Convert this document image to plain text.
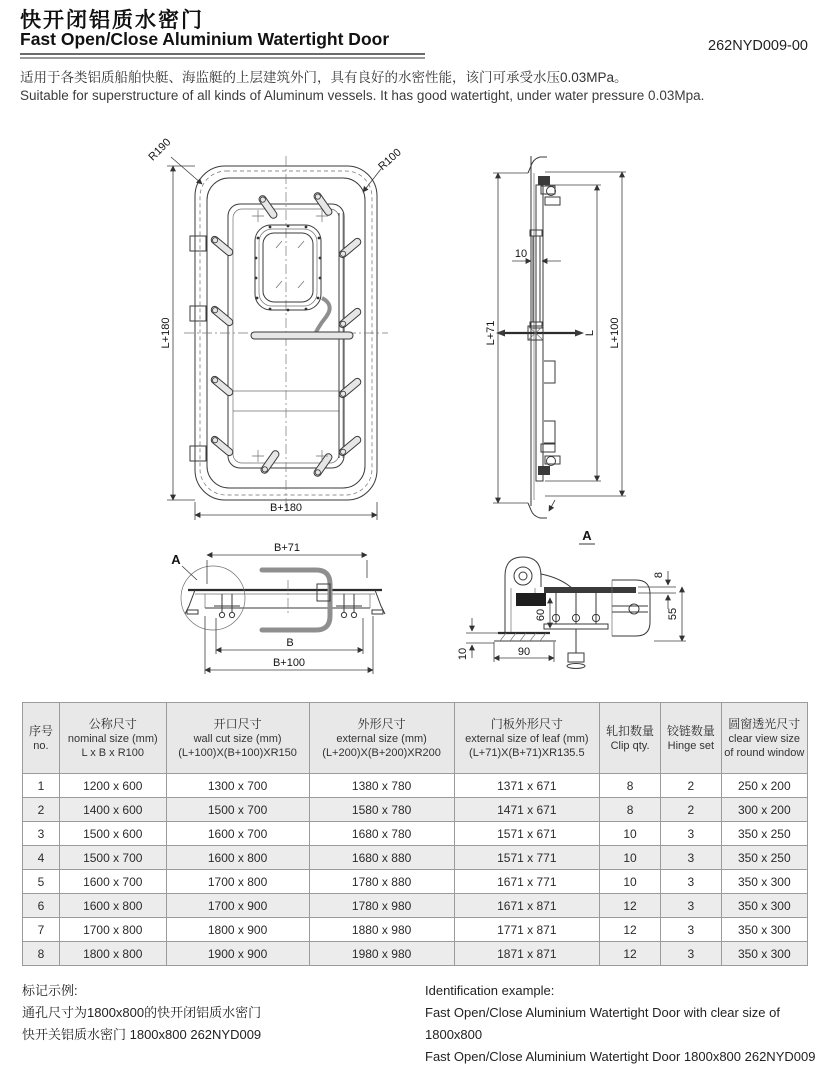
快开闭铝质水密门
Fast Open/Close Aluminium Watertight Door	262NYD009-00
适用于各类铝质船舶快艇、海监艇的上层建筑外门，具有良好的水密性能，该门可承受水压0.03MPa。
Suitable for superstructure of all kinds of Aluminum vessels. It has good watertight, under water pressure 0.03Mpa.
L+180
B+180
R190	R100
10
L+71	L L+100
A
B+71
B
B+100
A
8
55
60
10	90
序号
no.

公称尺寸
nominal size (mm)
L x B x R100

开口尺寸
wall cut size (mm)
(L+100)X(B+100)XR150

外形尺寸
external size (mm)
(L+200)X(B+200)XR200

门板外形尺寸
external size of leaf (mm)
(L+71)X(B+71)XR135.5

轧扣数量
Clip qty.

铰链数量
Hinge set

圆窗透光尺寸
clear view size
of round window

1	1200 x 600	1300 x 700	1380 x 780	1371 x 671	8	2	250 x 200
2	1400 x 600	1500 x 700	1580 x 780	1471 x 671	8	2	300 x 200
3	1500 x 600	1600 x 700	1680 x 780	1571 x 671	10	3	350 x 250
4	1500 x 700	1600 x 800	1680 x 880	1571 x 771	10	3	350 x 250
5	1600 x 700	1700 x 800	1780 x 880	1671 x 771	10	3	350 x 300
6	1600 x 800	1700 x 900	1780 x 980	1671 x 871	12	3	350 x 300
7	1700 x 800	1800 x 900	1880 x 980	1771 x 871	12	3	350 x 300
8	1800 x 800	1900 x 900	1980 x 980	1871 x 871	12	3	350 x 300
标记示例:
通孔尺寸为1800x800的快开闭铝质水密门
快开关铝质水密门 1800x800 262NYD009
Identification example:
Fast Open/Close Aluminium Watertight Door with clear size of 1800x800
Fast Open/Close Aluminium Watertight Door 1800x800 262NYD009
